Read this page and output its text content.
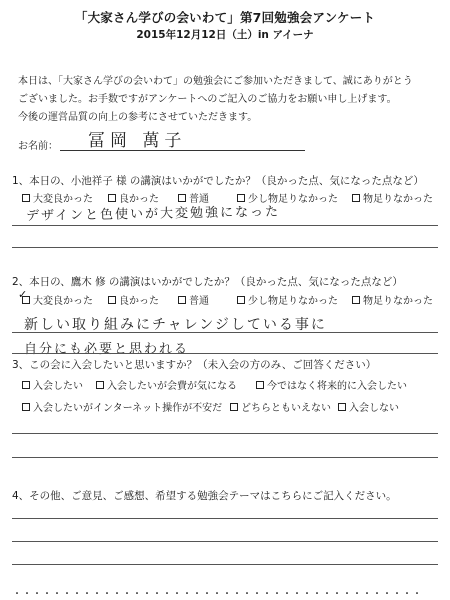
「大家さん学びの会いわて」第7回勉強会アンケート
2015年12月12日（土）in アイーナ
本日は、「大家さん学びの会いわて」の勉強会にご参加いただきまして、誠にありがとう
ございました。お手数ですがアンケートへのご記入のご協力をお願い申し上げます。
今後の運営品質の向上の参考にさせていただきます。
お名前： 冨岡 萬子
1、本日の、小池祥子 様 の講演はいかがでしたか？（良かった点、気になった点など）
大変良かった	良かった	普通	少し物足りなかった	物足りなかった
デザインと色使いが大変勉強になった
2、本日の、鷹木 修 の講演はいかがでしたか？（良かった点、気になった点など）
✓
大変良かった	良かった	普通	少し物足りなかった	物足りなかった
新しい取り組みにチャレンジしている事に
自分にも必要と思われる
3、この会に入会したいと思いますか？（未入会の方のみ、ご回答ください）
入会したい 入会したいが会費が気になる	今ではなく将来的に入会したい
入会したいがインターネット操作が不安だ どちらともいえない 入会しない
4、その他、ご意見、ご感想、希望する勉強会テーマはこちらにご記入ください。
・・・・・・・・・・・・・・・・・・・・・・・・・・・・・・・・・・・・・・・・・
